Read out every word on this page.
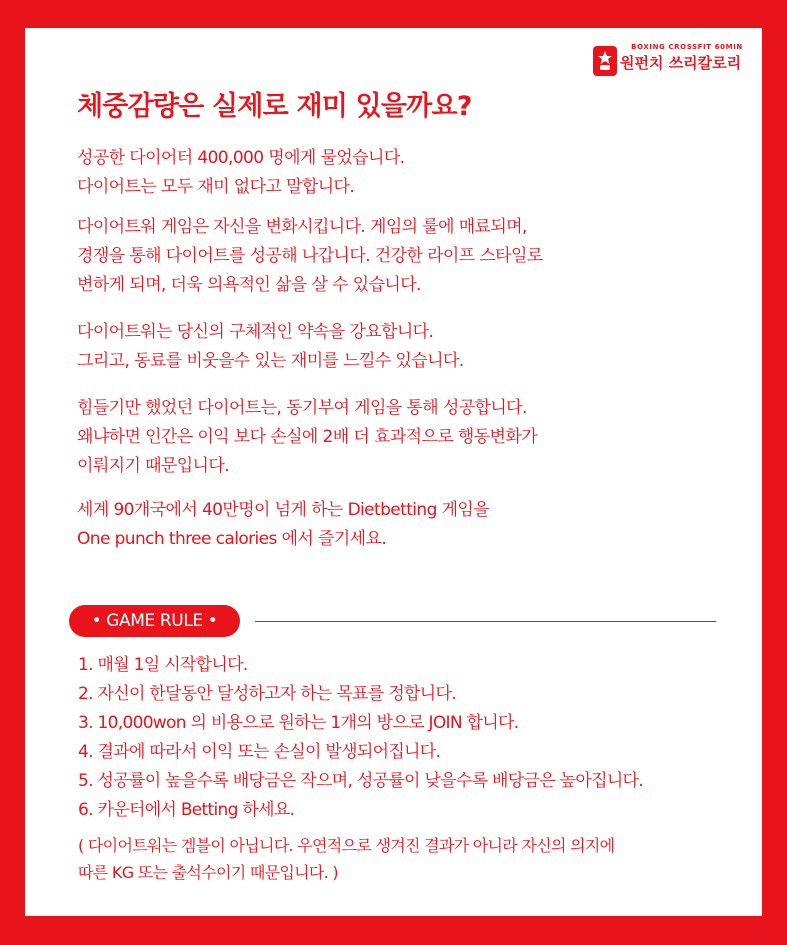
BOXING CROSSFIT 60MIN
원펀치 쓰리칼로리
체중감량은 실제로 재미 있을까요?
성공한 다이어터 400,000 명에게 물었습니다.
다이어트는 모두 재미 없다고 말합니다.
다이어트워 게임은 자신을 변화시킵니다. 게임의 룰에 매료되며,
경쟁을 통해 다이어트를 성공해 나갑니다. 건강한 라이프 스타일로
변하게 되며, 더욱 의욕적인 삶을 살 수 있습니다.
다이어트워는 당신의 구체적인 약속을 강요합니다.
그리고, 동료를 비웃을수 있는 재미를 느낄수 있습니다.
힘들기만 했었던 다이어트는, 동기부여 게임을 통해 성공합니다.
왜냐하면 인간은 이익 보다 손실에 2배 더 효과적으로 행동변화가
이뤄지기 때문입니다.
세계 90개국에서 40만명이 넘게 하는 Dietbetting 게임을
One punch three calories 에서 즐기세요.
• GAME RULE •
1. 매월 1일 시작합니다.
2. 자신이 한달동안 달성하고자 하는 목표를 정합니다.
3. 10,000won 의 비용으로 원하는 1개의 방으로 JOIN 합니다.
4. 결과에 따라서 이익 또는 손실이 발생되어집니다.
5. 성공률이 높을수록 배당금은 작으며, 성공률이 낮을수록 배당금은 높아집니다.
6. 카운터에서 Betting 하세요.
( 다이어트워는 겜블이 아닙니다. 우연적으로 생겨진 결과가 아니라 자신의 의지에
따른 KG 또는 출석수이기 때문입니다. )
